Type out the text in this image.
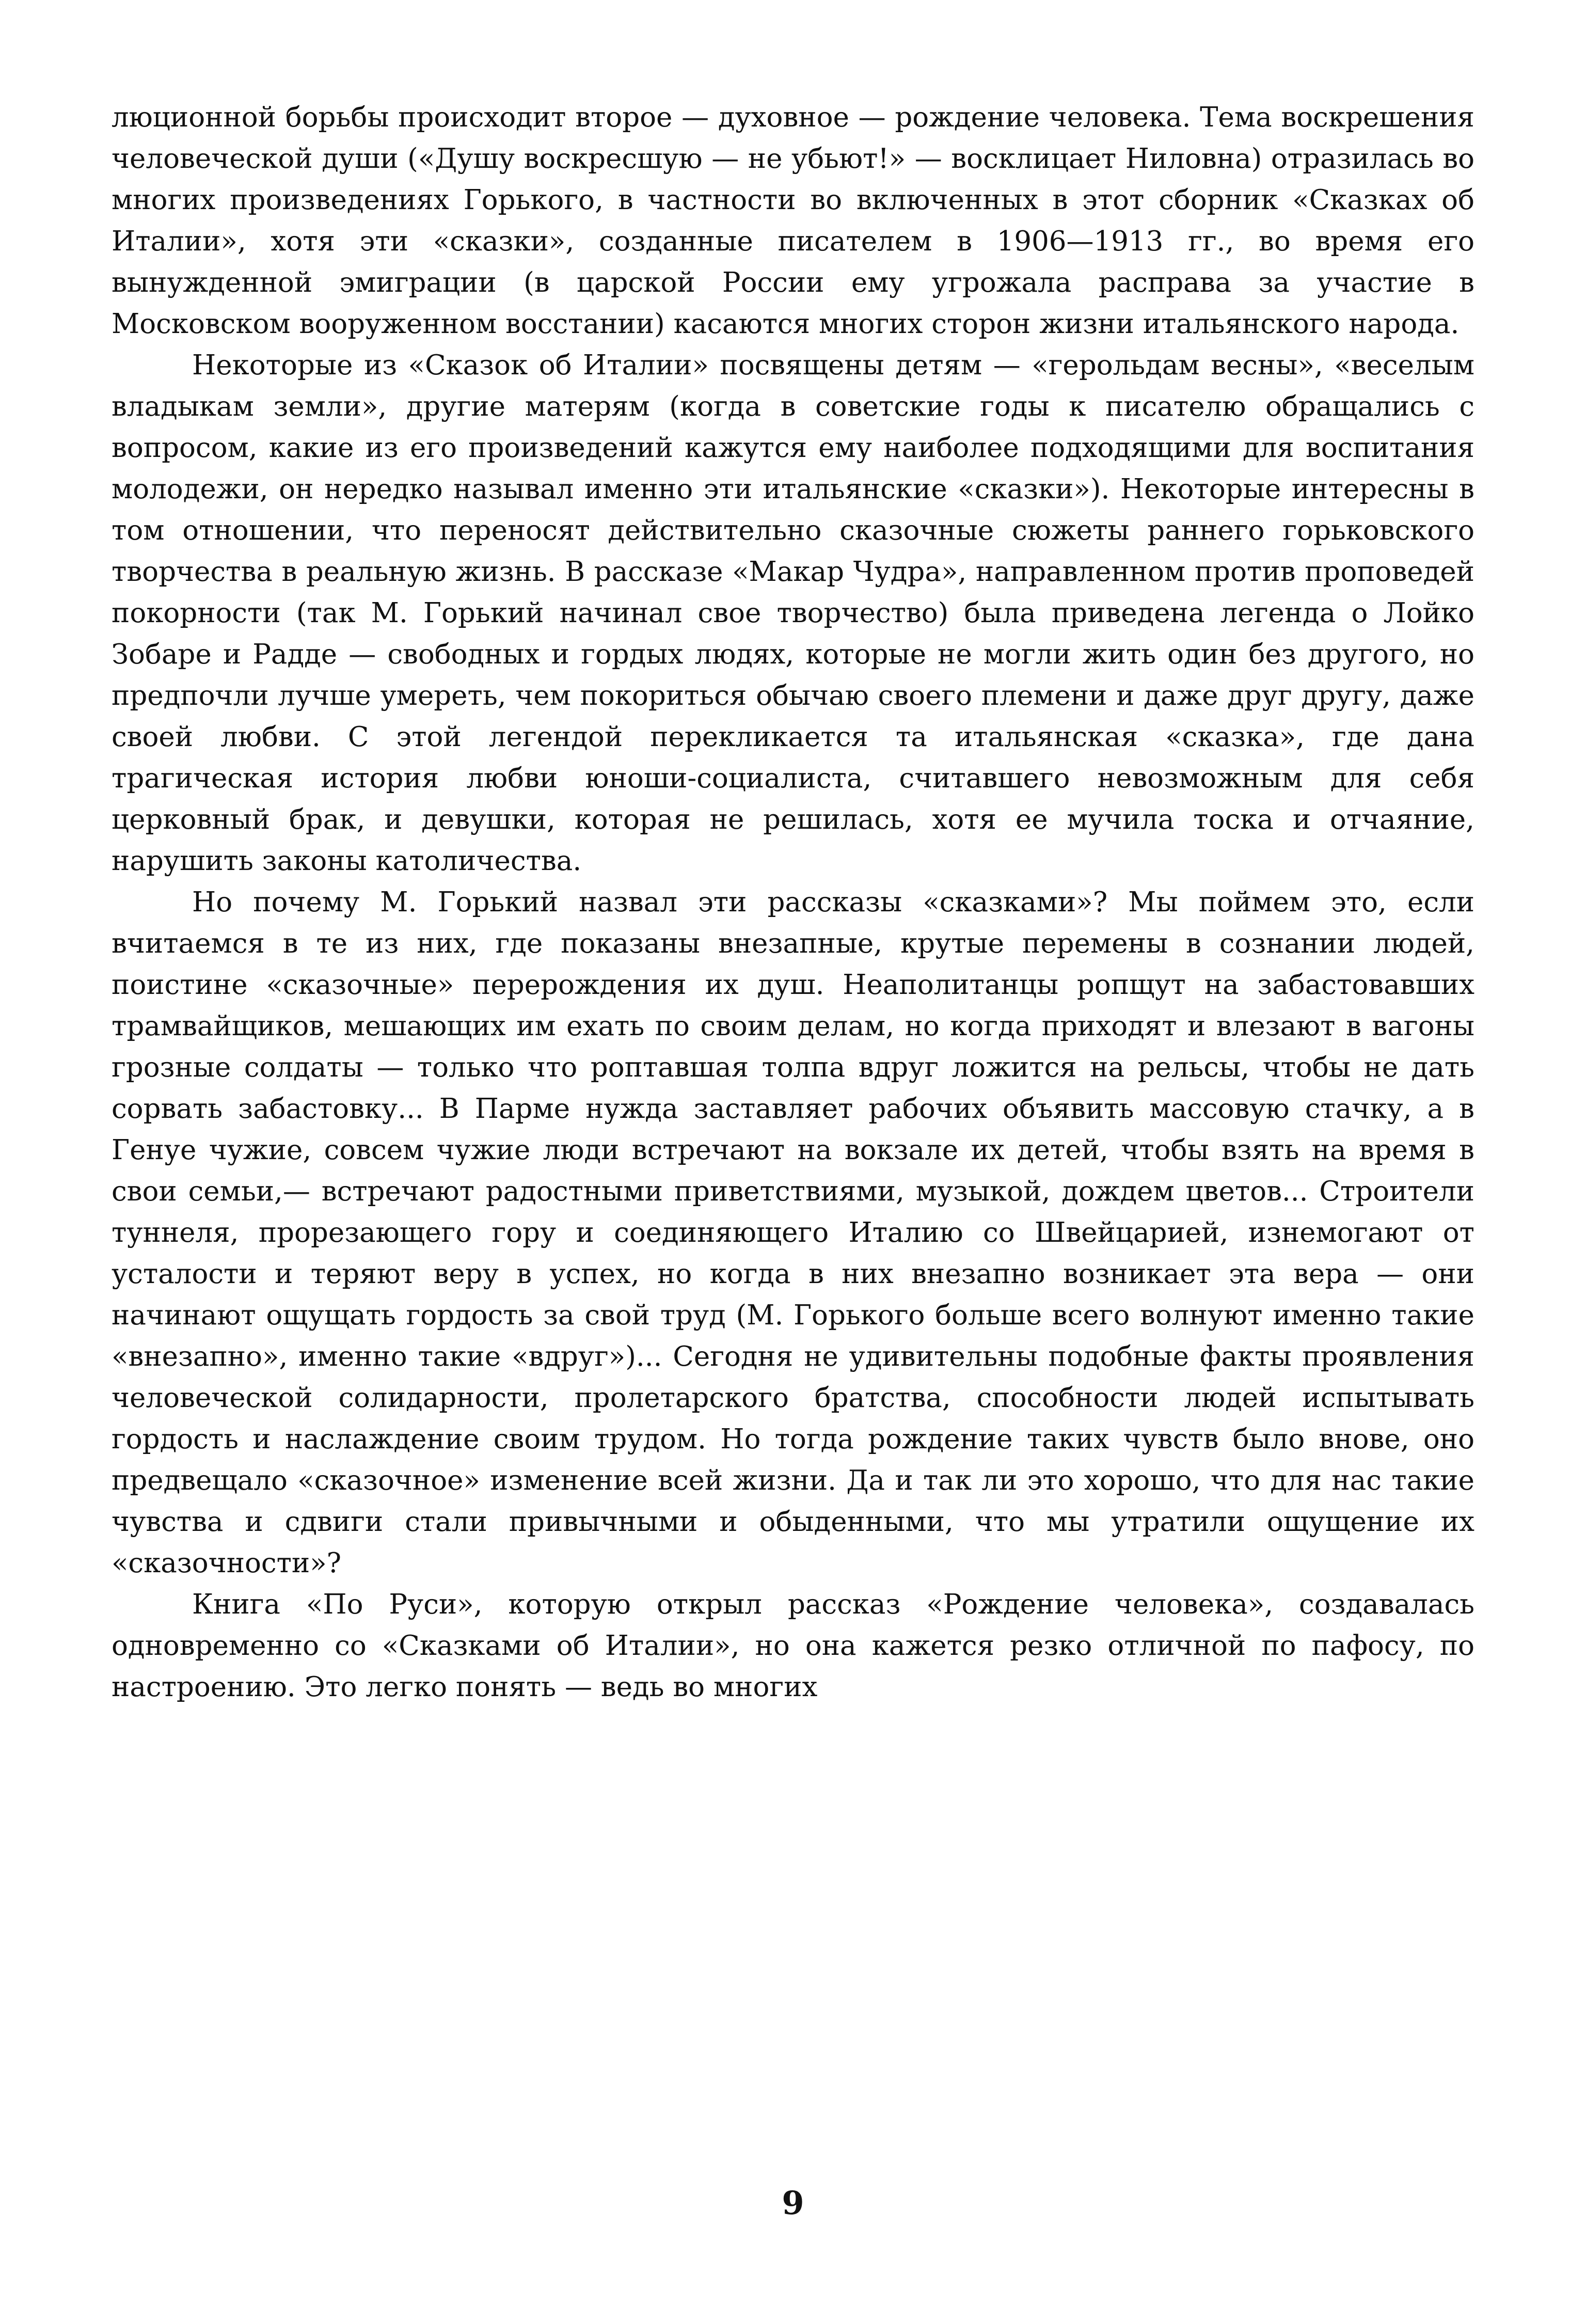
люционной борьбы происходит второе — духовное — рождение человека. Тема воскрешения человеческой души («Душу воскресшую — не убьют!» — восклицает Ниловна) отразилась во многих произведениях Горького, в частности во включенных в этот сборник «Сказках об Италии», хотя эти «сказки», созданные писателем в 1906—1913 гг., во время его вынужденной эмиграции (в царской России ему угрожала расправа за участие в Московском вооруженном восстании) касаются многих сторон жизни итальянского народа.

Некоторые из «Сказок об Италии» посвящены детям — «герольдам весны», «веселым владыкам земли», другие матерям (когда в советские годы к писателю обращались с вопросом, какие из его произведений кажутся ему наиболее подходящими для воспитания молодежи, он нередко называл именно эти итальянские «сказки»). Некоторые интересны в том отношении, что переносят действительно сказочные сюжеты раннего горьковского творчества в реальную жизнь. В рассказе «Макар Чудра», направленном против проповедей покорности (так М. Горький начинал свое творчество) была приведена легенда о Лойко Зобаре и Радде — свободных и гордых людях, которые не могли жить один без другого, но предпочли лучше умереть, чем покориться обычаю своего племени и даже друг другу, даже своей любви. С этой легендой перекликается та итальянская «сказка», где дана трагическая история любви юноши-социалиста, считавшего невозможным для себя церковный брак, и девушки, которая не решилась, хотя ее мучила тоска и отчаяние, нарушить законы католичества.

Но почему М. Горький назвал эти рассказы «сказками»? Мы поймем это, если вчитаемся в те из них, где показаны внезапные, крутые перемены в сознании людей, поистине «сказочные» перерождения их душ. Неаполитанцы ропщут на забастовавших трамвайщиков, мешающих им ехать по своим делам, но когда приходят и влезают в вагоны грозные солдаты — только что роптавшая толпа вдруг ложится на рельсы, чтобы не дать сорвать забастовку... В Парме нужда заставляет рабочих объявить массовую стачку, а в Генуе чужие, совсем чужие люди встречают на вокзале их детей, чтобы взять на время в свои семьи,— встречают радостными приветствиями, музыкой, дождем цветов... Строители туннеля, прорезающего гору и соединяющего Италию со Швейцарией, изнемогают от усталости и теряют веру в успех, но когда в них внезапно возникает эта вера — они начинают ощущать гордость за свой труд (М. Горького больше всего волнуют именно такие «внезапно», именно такие «вдруг»)... Сегодня не удивительны подобные факты проявления человеческой солидарности, пролетарского братства, способности людей испытывать гордость и наслаждение своим трудом. Но тогда рождение таких чувств было внове, оно предвещало «сказочное» изменение всей жизни. Да и так ли это хорошо, что для нас такие чувства и сдвиги стали привычными и обыденными, что мы утратили ощущение их «сказочности»?

Книга «По Руси», которую открыл рассказ «Рождение человека», создавалась одновременно со «Сказками об Италии», но она кажется резко отличной по пафосу, по настроению. Это легко понять — ведь во многих

9
